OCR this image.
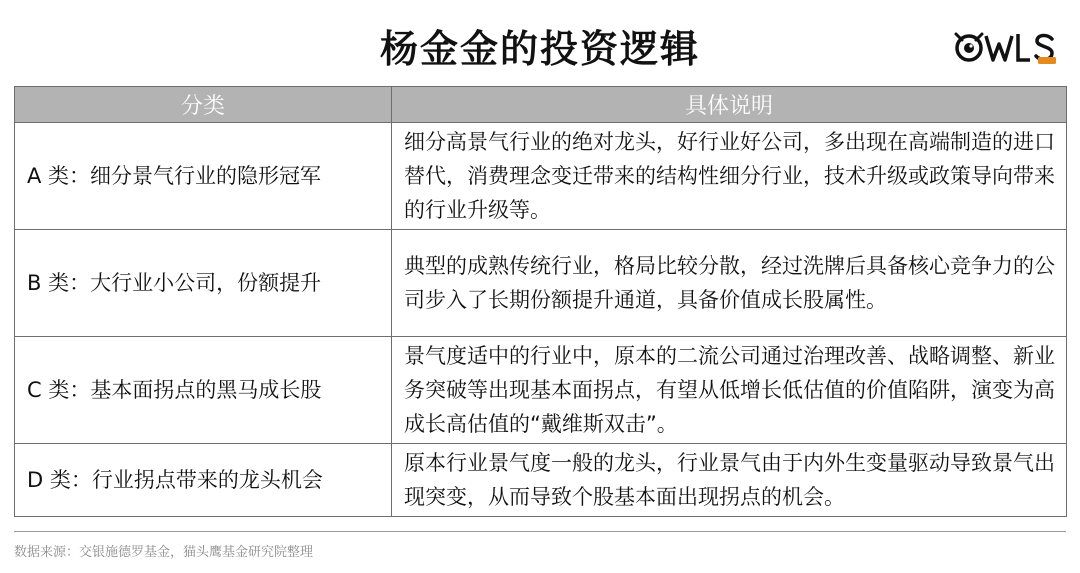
杨金金的投资逻辑
分类	具体说明
A 类：细分景气行业的隐形冠军	细分高景气行业的绝对龙头，好行业好公司，多出现在高端制造的进口替代，消费理念变迁带来的结构性细分行业，技术升级或政策导向带来的行业升级等。
B 类：大行业小公司，份额提升	典型的成熟传统行业，格局比较分散，经过洗牌后具备核心竞争力的公司步入了长期份额提升通道，具备价值成长股属性。
C 类：基本面拐点的黑马成长股	景气度适中的行业中，原本的二流公司通过治理改善、战略调整、新业务突破等出现基本面拐点，有望从低增长低估值的价值陷阱，演变为高成长高估值的“戴维斯双击”。
D 类：行业拐点带来的龙头机会	原本行业景气度一般的龙头，行业景气由于内外生变量驱动导致景气出现突变，从而导致个股基本面出现拐点的机会。
数据来源：交银施德罗基金，猫头鹰基金研究院整理
